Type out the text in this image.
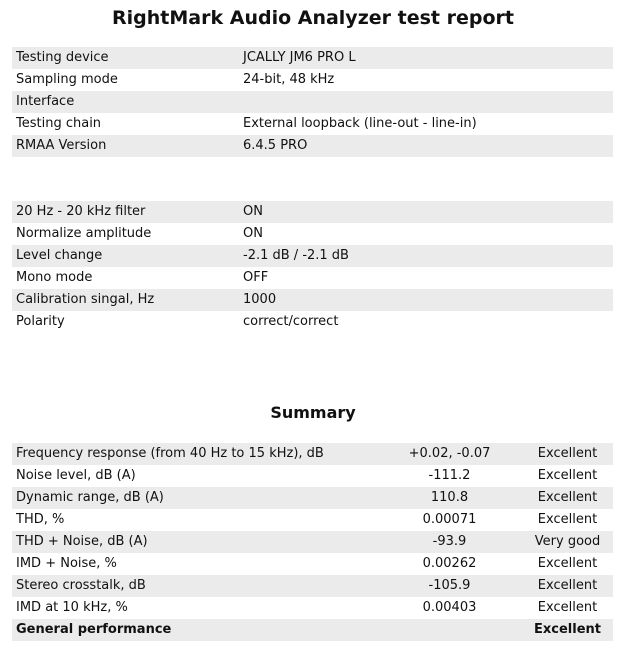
RightMark Audio Analyzer test report
Testing device	JCALLY JM6 PRO L
Sampling mode	24-bit, 48 kHz
Interface	
Testing chain	External loopback (line-out - line-in)
RMAA Version	6.4.5 PRO
20 Hz - 20 kHz filter	ON
Normalize amplitude	ON
Level change	-2.1 dB / -2.1 dB
Mono mode	OFF
Calibration singal, Hz	1000
Polarity	correct/correct
Summary
Frequency response (from 40 Hz to 15 kHz), dB	+0.02, -0.07	Excellent
Noise level, dB (A)	-111.2	Excellent
Dynamic range, dB (A)	110.8	Excellent
THD, %	0.00071	Excellent
THD + Noise, dB (A)	-93.9	Very good
IMD + Noise, %	0.00262	Excellent
Stereo crosstalk, dB	-105.9	Excellent
IMD at 10 kHz, %	0.00403	Excellent
General performance		Excellent
